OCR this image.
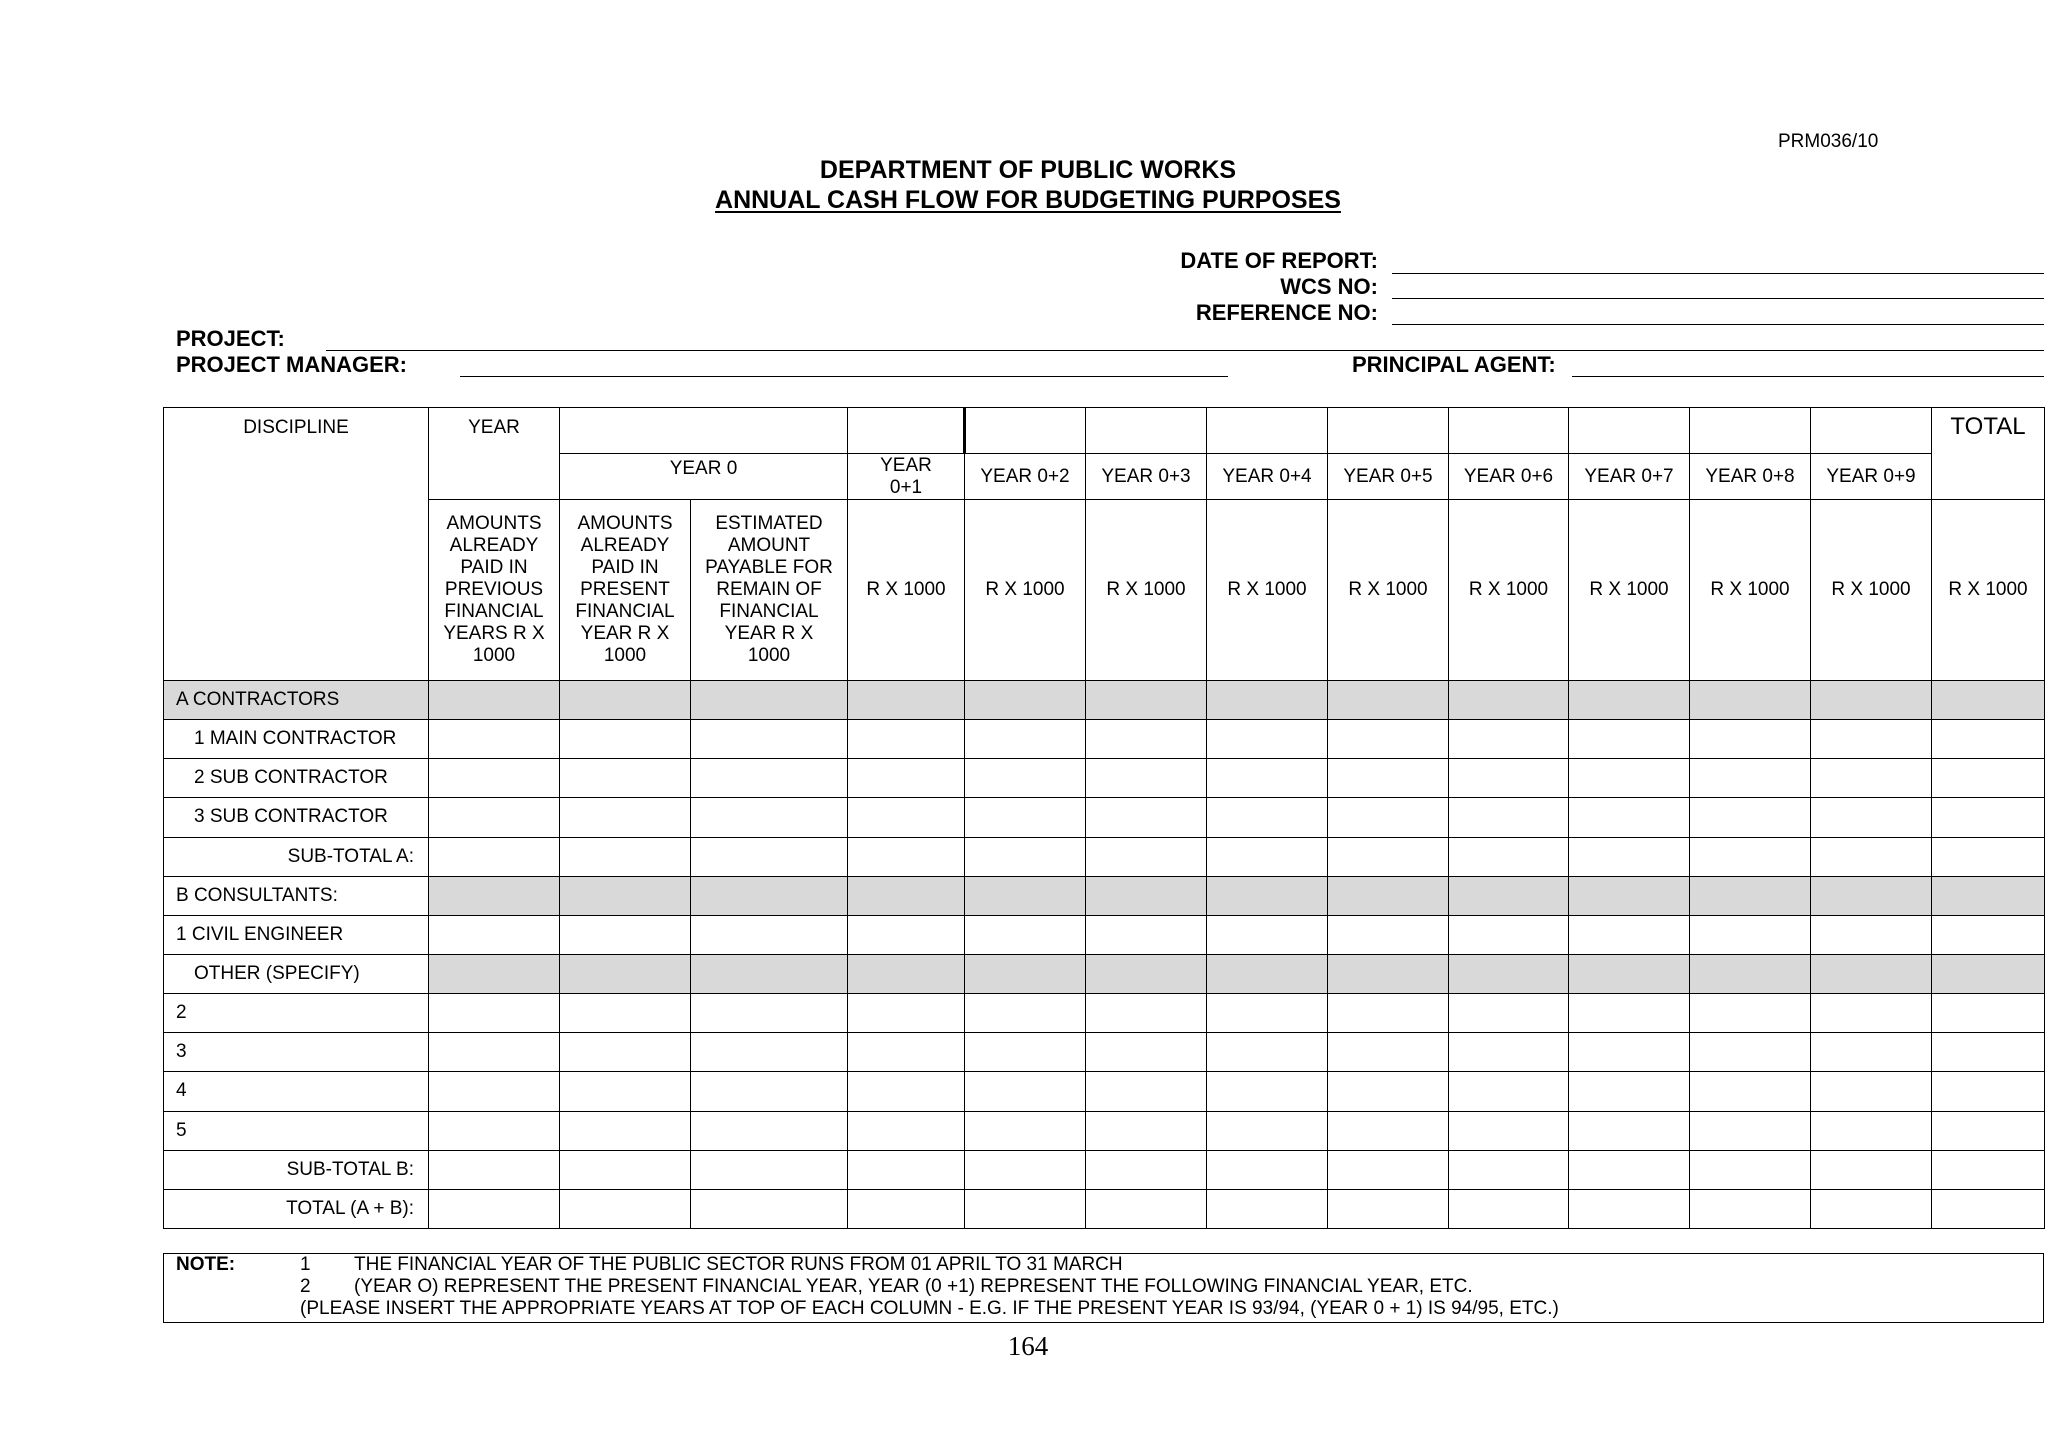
PRM036/10
DEPARTMENT OF PUBLIC WORKS
ANNUAL CASH FLOW FOR BUDGETING PURPOSES
DATE OF REPORT:
WCS NO:
REFERENCE NO:
PROJECT:
PROJECT MANAGER:	PRINCIPAL AGENT:
DISCIPLINE	YEAR												TOTAL
		YEAR 0		YEAR 0+1	YEAR 0+2	YEAR 0+3	YEAR 0+4	YEAR 0+5	YEAR 0+6	YEAR 0+7	YEAR 0+8	YEAR 0+9	

	AMOUNTS ALREADY PAID IN PREVIOUS FINANCIAL YEARS R X 1000	AMOUNTS ALREADY PAID IN PRESENT FINANCIAL YEAR R X 1000	ESTIMATED AMOUNT PAYABLE FOR REMAIN OF FINANCIAL YEAR R X 1000	R X 1000	R X 1000	R X 1000	R X 1000	R X 1000	R X 1000	R X 1000	R X 1000	R X 1000	R X 1000
A CONTRACTORS													
1 MAIN CONTRACTOR													
2 SUB CONTRACTOR													
3 SUB CONTRACTOR													
SUB-TOTAL A:													
B CONSULTANTS:													
1 CIVIL ENGINEER													
OTHER (SPECIFY)													
2													
3													
4													
5													
SUB-TOTAL B:													
TOTAL (A + B):													
NOTE:	1 THE FINANCIAL YEAR OF THE PUBLIC SECTOR RUNS FROM 01 APRIL TO 31 MARCH
2 (YEAR O) REPRESENT THE PRESENT FINANCIAL YEAR, YEAR (0 +1) REPRESENT THE FOLLOWING FINANCIAL YEAR, ETC.
(PLEASE INSERT THE APPROPRIATE YEARS AT TOP OF EACH COLUMN - E.G. IF THE PRESENT YEAR IS 93/94, (YEAR 0 + 1) IS 94/95, ETC.)
164
